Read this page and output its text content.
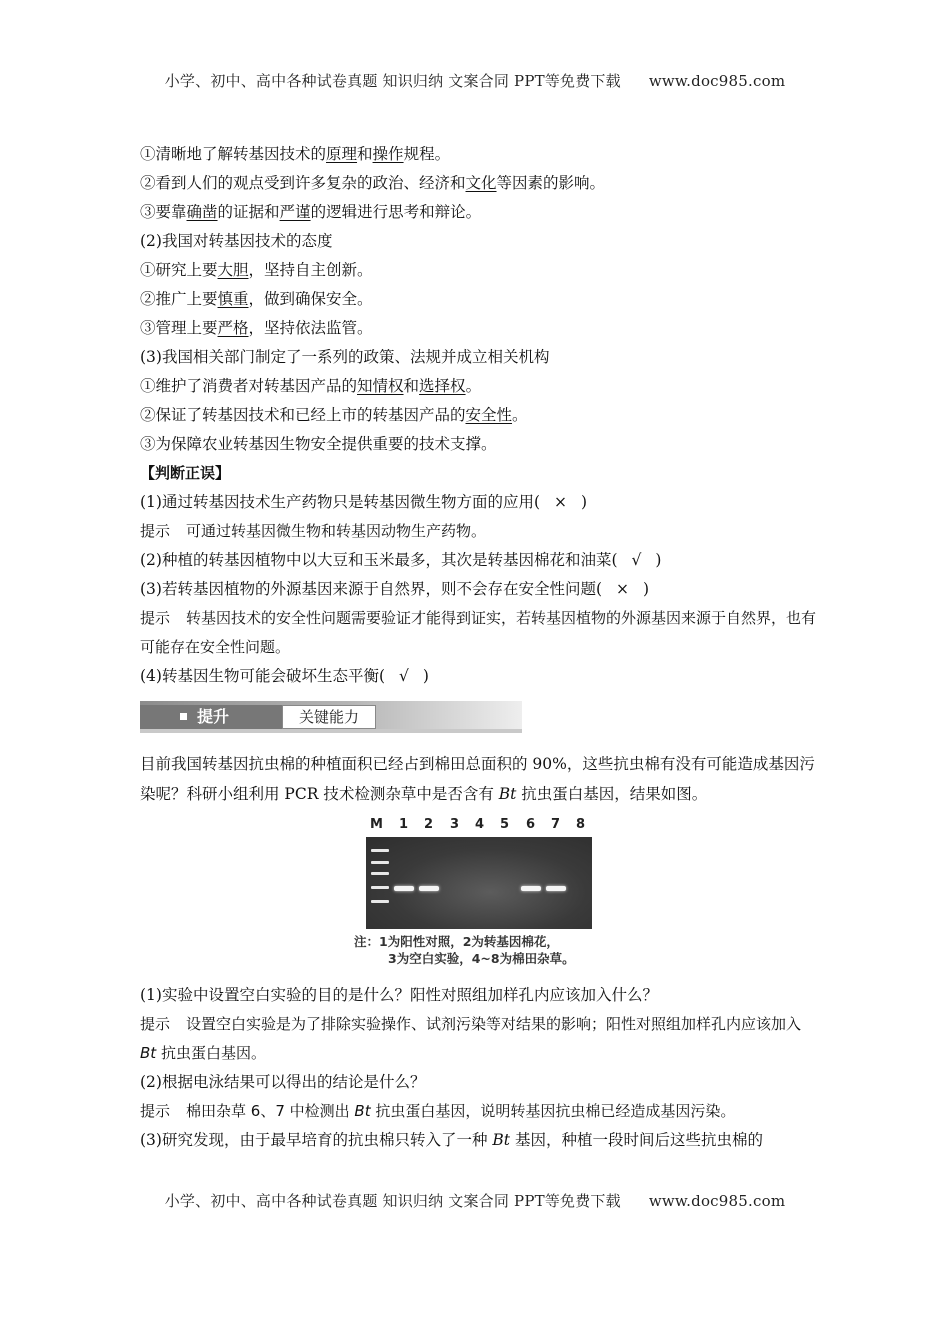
小学、初中、高中各种试卷真题 知识归纳 文案合同 PPT等免费下载 www.doc985.com
①清晰地了解转基因技术的原理和操作规程。
②看到人们的观点受到许多复杂的政治、经济和文化等因素的影响。
③要靠确凿的证据和严谨的逻辑进行思考和辩论。
(2)我国对转基因技术的态度
①研究上要大胆，坚持自主创新。
②推广上要慎重，做到确保安全。
③管理上要严格，坚持依法监管。
(3)我国相关部门制定了一系列的政策、法规并成立相关机构
①维护了消费者对转基因产品的知情权和选择权。
②保证了转基因技术和已经上市的转基因产品的安全性。
③为保障农业转基因生物安全提供重要的技术支撑。
【判断正误】
(1)通过转基因技术生产药物只是转基因微生物方面的应用( × )
提示 可通过转基因微生物和转基因动物生产药物。
(2)种植的转基因植物中以大豆和玉米最多，其次是转基因棉花和油菜( √ )
(3)若转基因植物的外源基因来源于自然界，则不会存在安全性问题( × )
提示 转基因技术的安全性问题需要验证才能得到证实，若转基因植物的外源基因来源于自然界，也有可能存在安全性问题。
(4)转基因生物可能会破坏生态平衡( √ )
提升	关键能力
目前我国转基因抗虫棉的种植面积已经占到棉田总面积的 90%，这些抗虫棉有没有可能造成基因污染呢？科研小组利用 PCR 技术检测杂草中是否含有 Bt 抗虫蛋白基因，结果如图。
M 1 2 3 4 5 6 7 8
注：1为阳性对照，2为转基因棉花，
3为空白实验，4~8为棉田杂草。
(1)实验中设置空白实验的目的是什么？阳性对照组加样孔内应该加入什么？
提示 设置空白实验是为了排除实验操作、试剂污染等对结果的影响；阳性对照组加样孔内应该加入 Bt 抗虫蛋白基因。
(2)根据电泳结果可以得出的结论是什么？
提示 棉田杂草 6、7 中检测出 Bt 抗虫蛋白基因，说明转基因抗虫棉已经造成基因污染。
(3)研究发现，由于最早培育的抗虫棉只转入了一种 Bt 基因，种植一段时间后这些抗虫棉的
小学、初中、高中各种试卷真题 知识归纳 文案合同 PPT等免费下载 www.doc985.com
